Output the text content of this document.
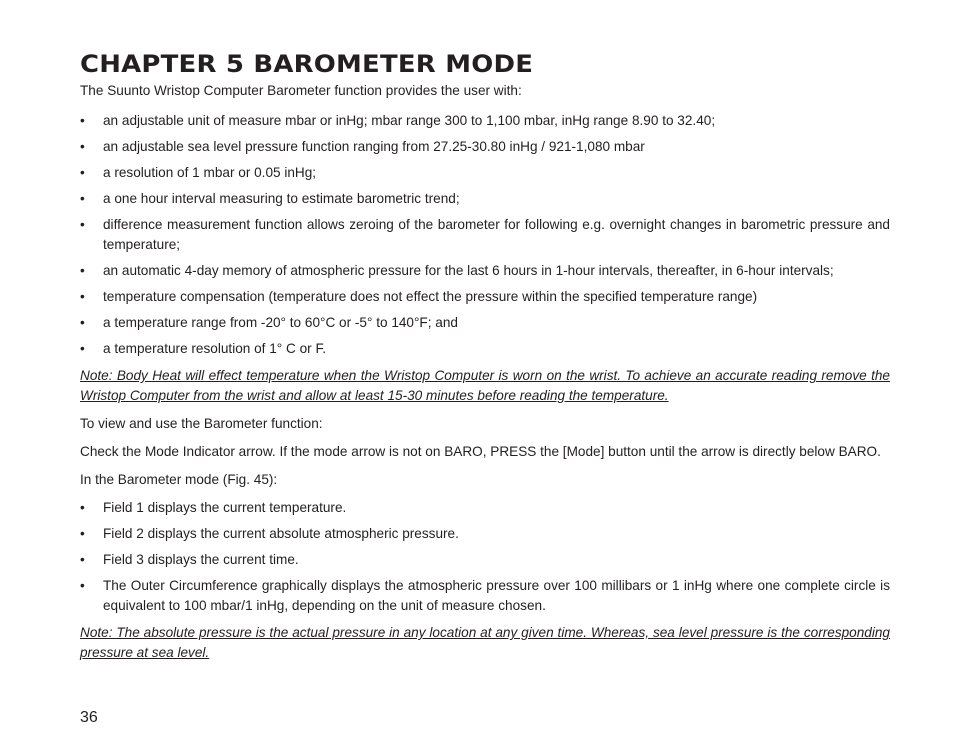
CHAPTER 5 BAROMETER MODE

The Suunto Wristop Computer Barometer function provides the user with:

• an adjustable unit of measure mbar or inHg; mbar range 300 to 1,100 mbar, inHg range 8.90 to 32.40;
• an adjustable sea level pressure function ranging from 27.25-30.80 inHg / 921-1,080 mbar
• a resolution of 1 mbar or 0.05 inHg;
• a one hour interval measuring to estimate barometric trend;
• difference measurement function allows zeroing of the barometer for following e.g. overnight changes in barometric pressure and temperature;
• an automatic 4-day memory of atmospheric pressure for the last 6 hours in 1-hour intervals, thereafter, in 6-hour intervals;
• temperature compensation (temperature does not effect the pressure within the specified temperature range)
• a temperature range from -20° to 60°C or -5° to 140°F; and
• a temperature resolution of 1° C or F.

Note: Body Heat will effect temperature when the Wristop Computer is worn on the wrist. To achieve an accurate reading remove the Wristop Computer from the wrist and allow at least 15-30 minutes before reading the temperature.

To view and use the Barometer function:

Check the Mode Indicator arrow. If the mode arrow is not on BARO, PRESS the [Mode] button until the arrow is directly below BARO.

In the Barometer mode (Fig. 45):

• Field 1 displays the current temperature.
• Field 2 displays the current absolute atmospheric pressure.
• Field 3 displays the current time.
• The Outer Circumference graphically displays the atmospheric pressure over 100 millibars or 1 inHg where one complete circle is equivalent to 100 mbar/1 inHg, depending on the unit of measure chosen.

Note: The absolute pressure is the actual pressure in any location at any given time. Whereas, sea level pressure is the corresponding pressure at sea level.

36
